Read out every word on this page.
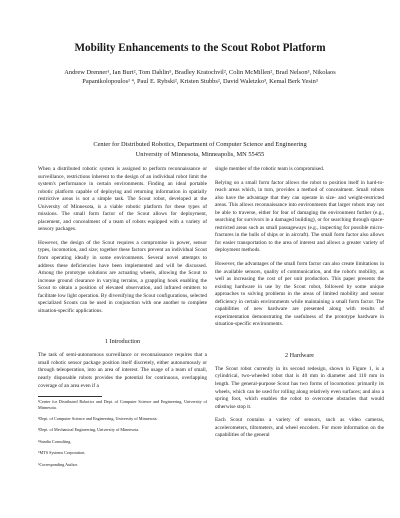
Mobility Enhancements to the Scout Robot Platform
Andrew Drenner¹, Ian Burt², Tom Dahlin⁵, Bradley Kratochvil², Colin McMillen², Brad Nelson³, Nikolaos Papanikolopoulos¹ ⁴, Paul E. Rybski², Kristen Stubbs², David Waletzko³, Kemal Berk Yesin³
Center for Distributed Robotics, Department of Computer Science and Engineering
University of Minnesota, Minneapolis, MN 55455

When a distributed robotic system is assigned to perform reconnaissance or surveillance, restrictions inherent to the design of an individual robot limit the system's performance in certain environments. Finding an ideal portable robotic platform capable of deploying and returning information in spatially restrictive areas is not a simple task. The Scout robot, developed at the University of Minnesota, is a viable robotic platform for these types of missions. The small form factor of the Scout allows for deployment, placement, and concealment of a team of robots equipped with a variety of sensory packages.

However, the design of the Scout requires a compromise in power, sensor types, locomotion, and size; together these factors prevent an individual Scout from operating ideally in some environments. Several novel attempts to address these deficiencies have been implemented and will be discussed. Among the prototype solutions are actuating wheels, allowing the Scout to increase ground clearance in varying terrains, a grappling hook enabling the Scout to obtain a position of elevated observation, and infrared emitters to facilitate low light operation. By diversifying the Scout configurations, selected specialized Scouts can be used in conjunction with one another to complete situation-specific applications.

1 Introduction

The task of semi-autonomous surveillance or reconnaissance requires that a small robotic sensor package position itself discretely, either autonomously or through teleoperation, into an area of interest. The usage of a team of small, nearly disposable robots provides the potential for continuous, overlapping coverage of an area even if a

¹Center for Distributed Robotics and Dept. of Computer Science and Engineering, University of Minnesota.

²Dept. of Computer Science and Engineering, University of Minnesota.

³Dept. of Mechanical Engineering, University of Minnesota.

⁴Sandia Consulting.

⁵MTS Systems Corporation.

⁶Corresponding Author.

single member of the robotic team is compromised.

Relying on a small form factor allows the robot to position itself in hard-to-reach areas which, in turn, provides a method of concealment. Small robots also have the advantage that they can operate in size- and weight-restricted areas. This allows reconnaissance into environments that larger robots may not be able to traverse, either for fear of damaging the environment further (e.g., searching for survivors in a damaged building), or for searching through space-restricted areas such as small passageways (e.g., inspecting for possible micro-fractures in the hulls of ships or in aircraft). The small form factor also allows for easier transportation to the area of interest and allows a greater variety of deployment methods.

However, the advantages of the small form factor can also create limitations in the available sensors, quality of communication, and the robot's mobility, as well as increasing the cost of per unit production. This paper presents the existing hardware in use by the Scout robot, followed by some unique approaches to solving problems in the areas of limited mobility and sensor deficiency in certain environments while maintaining a small form factor. The capabilities of new hardware are presented along with results of experimentation demonstrating the usefulness of the prototype hardware in situation-specific environments.

2 Hardware

The Scout robot currently in its second redesign, shown in Figure 1, is a cylindrical, two-wheeled robot that is 40 mm in diameter and 110 mm in length. The general-purpose Scout has two forms of locomotion: primarily its wheels, which can be used for rolling along relatively even surfaces; and also a spring foot, which enables the robot to overcome obstacles that would otherwise stop it.

Each Scout contains a variety of sensors, such as video cameras, accelerometers, tiltometers, and wheel encoders. For more information on the capabilities of the general
